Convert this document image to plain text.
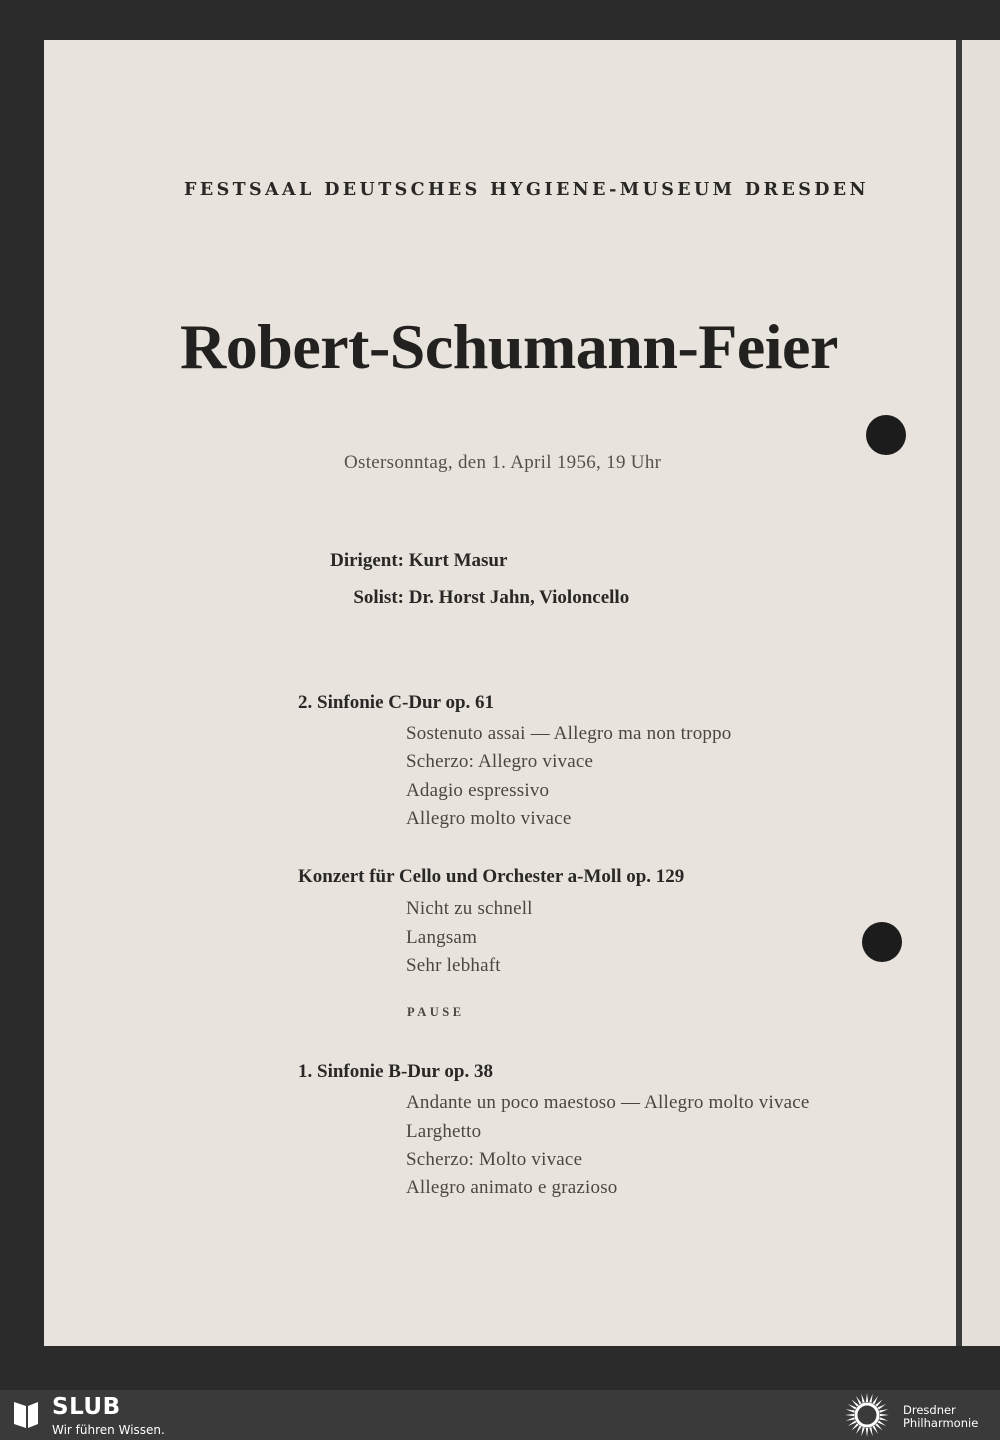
FESTSAAL DEUTSCHES HYGIENE-MUSEUM DRESDEN
Robert-Schumann-Feier
Ostersonntag, den 1. April 1956, 19 Uhr
Dirigent: Kurt Masur
Solist: Dr. Horst Jahn, Violoncello
2. Sinfonie C-Dur op. 61
Sostenuto assai — Allegro ma non troppo
Scherzo: Allegro vivace
Adagio espressivo
Allegro molto vivace
Konzert für Cello und Orchester a-Moll op. 129
Nicht zu schnell
Langsam
Sehr lebhaft
PAUSE
1. Sinfonie B-Dur op. 38
Andante un poco maestoso — Allegro molto vivace
Larghetto
Scherzo: Molto vivace
Allegro animato e grazioso
SLUB
Wir führen Wissen.
Dresdner
Philharmonie
